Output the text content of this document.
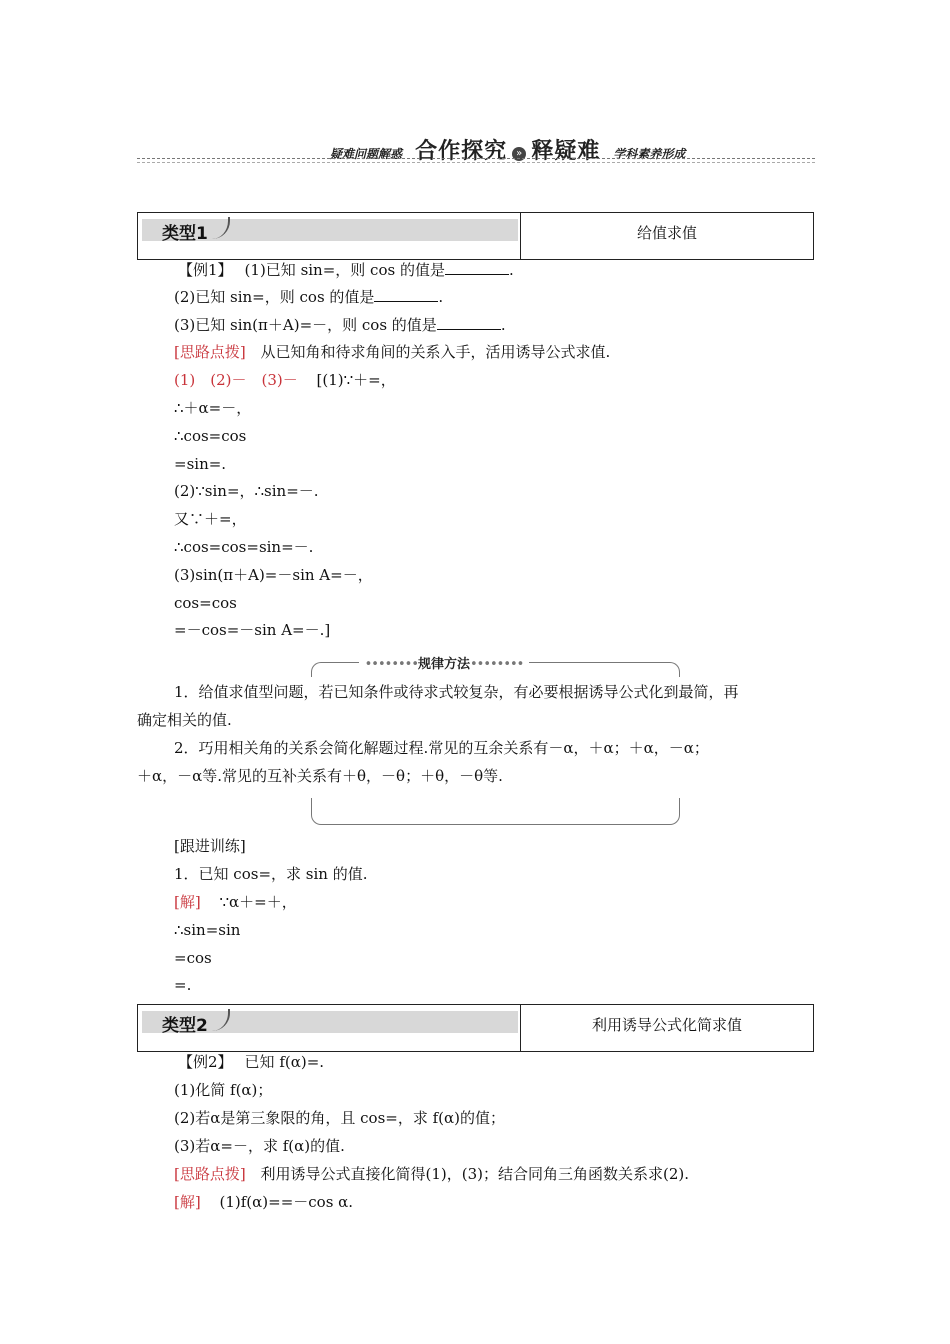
疑难问题解惑 合作探究 » 释疑难 学科素养形成
类型1	给值求值
【例1】 (1)已知 sin=，则 cos 的值是	.
(2)已知 sin=，则 cos 的值是	.
(3)已知 sin(π＋A)=－，则 cos 的值是	.
[思路点拨] 从已知角和待求角间的关系入手，活用诱导公式求值.
(1)　(2)－　(3)－ [(1)∵＋=，
∴＋α=－，
∴cos=cos
=sin=.
(2)∵sin=，∴sin=－.
又∵＋=，
∴cos=cos=sin=－.
(3)sin(π＋A)=－sin A=－，
cos=cos
=－cos=－sin A=－.]
••••••••规律方法••••••••
1．给值求值型问题，若已知条件或待求式较复杂，有必要根据诱导公式化到最简，再
确定相关的值.
2．巧用相关角的关系会简化解题过程.常见的互余关系有－α，＋α；＋α，－α；
＋α，－α等.常见的互补关系有＋θ，－θ；＋θ，－θ等.
[跟进训练]
1．已知 cos=，求 sin 的值.
[解] ∵α＋=＋，
∴sin=sin
=cos
=.
类型2	利用诱导公式化简求值
【例2】 已知 f(α)=.
(1)化简 f(α)；
(2)若α是第三象限的角，且 cos=，求 f(α)的值；
(3)若α=－，求 f(α)的值.
[思路点拨] 利用诱导公式直接化简得(1)，(3)；结合同角三角函数关系求(2).
[解] (1)f(α)==－cos α.
